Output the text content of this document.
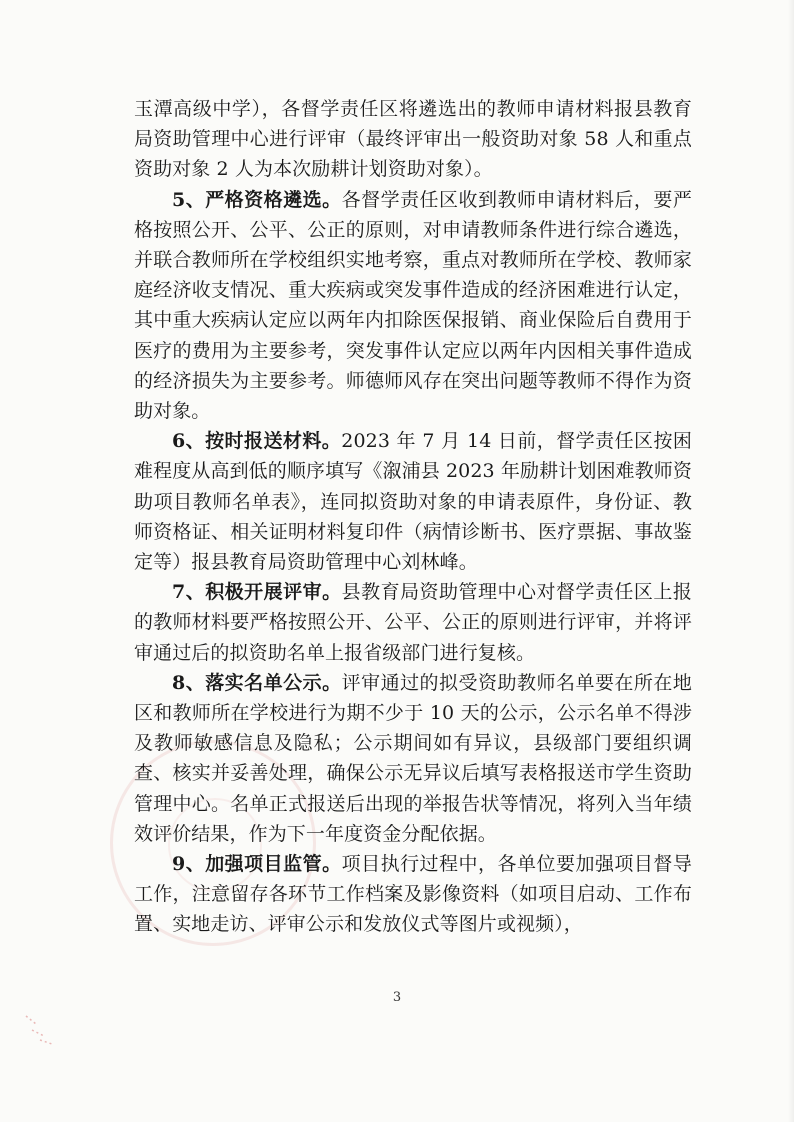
玉潭高级中学），各督学责任区将遴选出的教师申请材料报县教育局资助管理中心进行评审（最终评审出一般资助对象 58 人和重点资助对象 2 人为本次励耕计划资助对象）。

5、严格资格遴选。各督学责任区收到教师申请材料后，要严格按照公开、公平、公正的原则，对申请教师条件进行综合遴选，并联合教师所在学校组织实地考察，重点对教师所在学校、教师家庭经济收支情况、重大疾病或突发事件造成的经济困难进行认定，其中重大疾病认定应以两年内扣除医保报销、商业保险后自费用于医疗的费用为主要参考，突发事件认定应以两年内因相关事件造成的经济损失为主要参考。师德师风存在突出问题等教师不得作为资助对象。

6、按时报送材料。2023 年 7 月 14 日前，督学责任区按困难程度从高到低的顺序填写《溆浦县 2023 年励耕计划困难教师资助项目教师名单表》，连同拟资助对象的申请表原件，身份证、教师资格证、相关证明材料复印件（病情诊断书、医疗票据、事故鉴定等）报县教育局资助管理中心刘林峰。

7、积极开展评审。县教育局资助管理中心对督学责任区上报的教师材料要严格按照公开、公平、公正的原则进行评审，并将评审通过后的拟资助名单上报省级部门进行复核。

8、落实名单公示。评审通过的拟受资助教师名单要在所在地区和教师所在学校进行为期不少于 10 天的公示，公示名单不得涉及教师敏感信息及隐私；公示期间如有异议，县级部门要组织调查、核实并妥善处理，确保公示无异议后填写表格报送市学生资助管理中心。名单正式报送后出现的举报告状等情况，将列入当年绩效评价结果，作为下一年度资金分配依据。

9、加强项目监管。项目执行过程中，各单位要加强项目督导工作，注意留存各环节工作档案及影像资料（如项目启动、工作布置、实地走访、评审公示和发放仪式等图片或视频），

3
